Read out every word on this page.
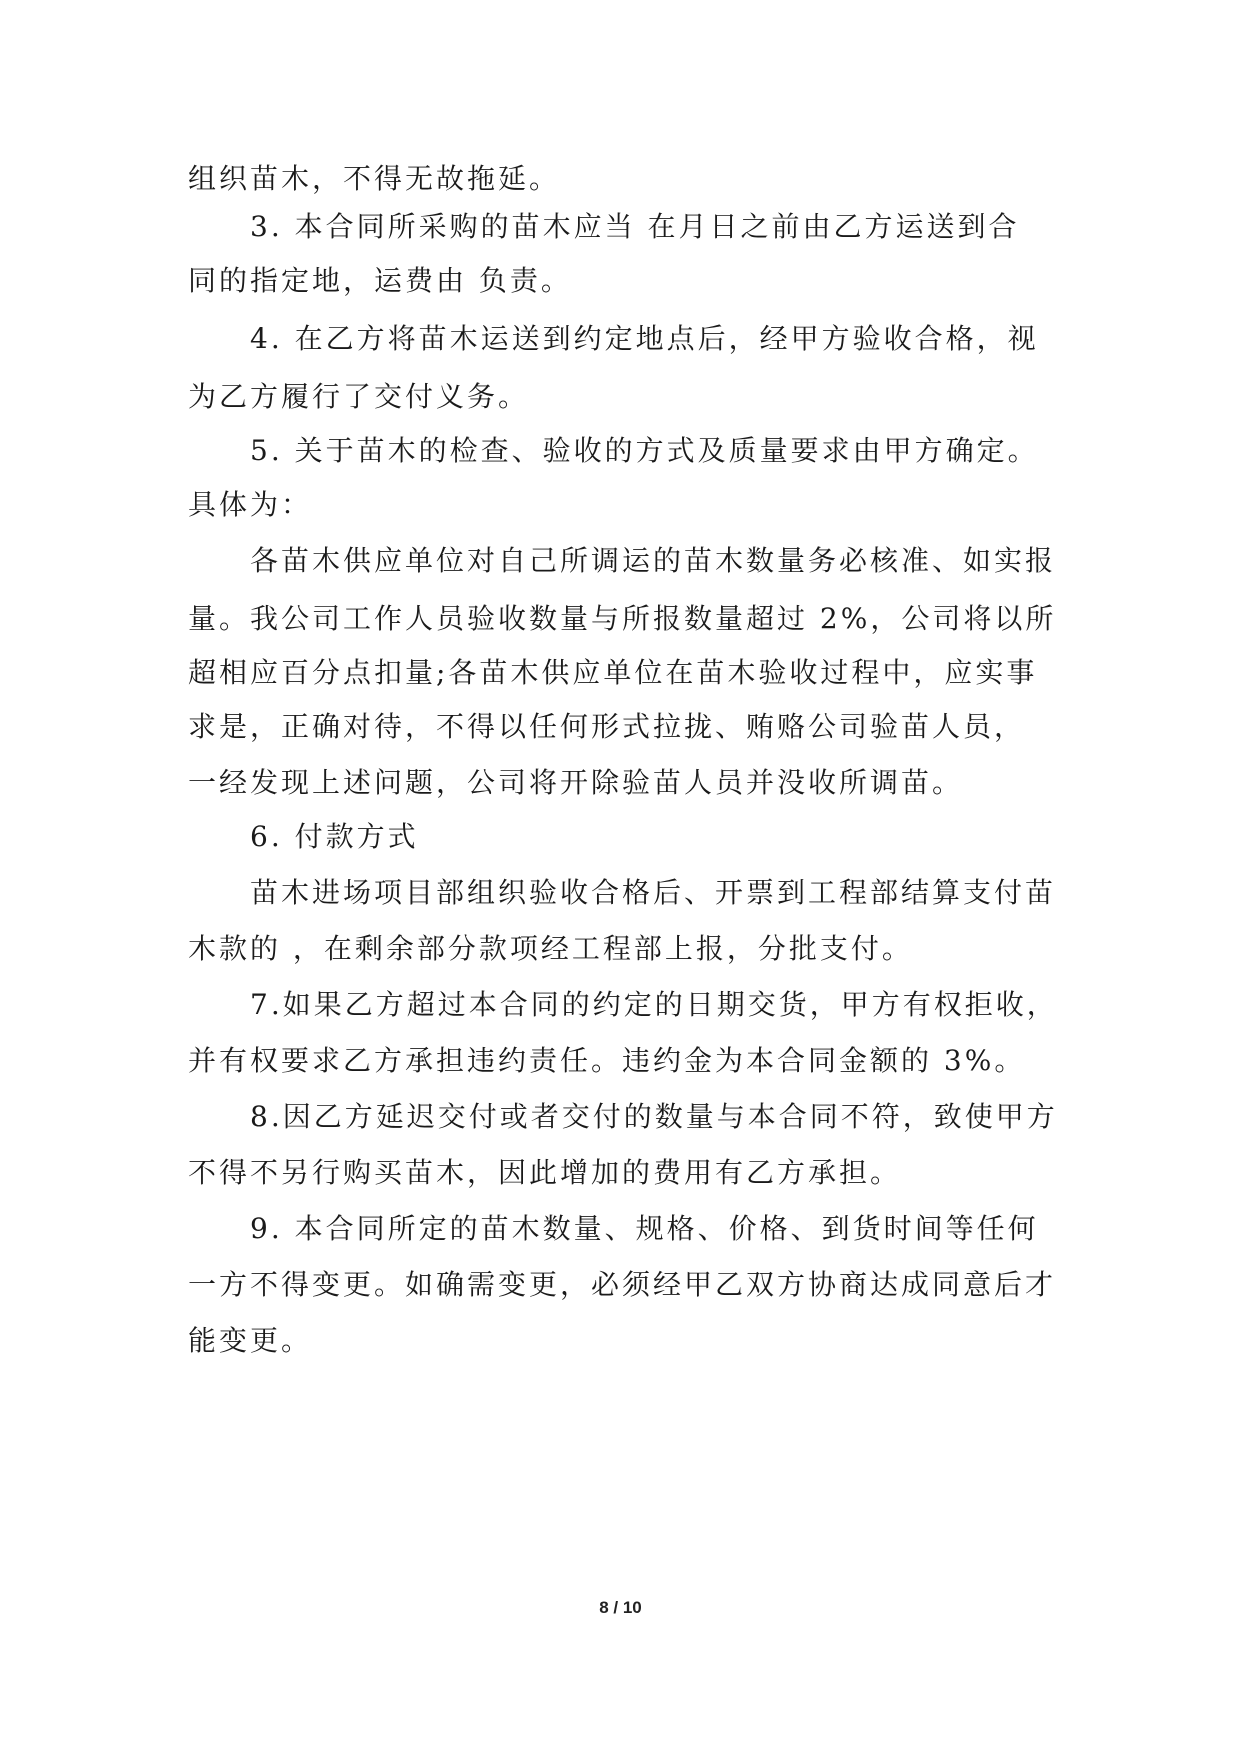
组织苗木，不得无故拖延。
3. 本合同所采购的苗木应当 在月日之前由乙方运送到合
同的指定地，运费由 负责。
4. 在乙方将苗木运送到约定地点后，经甲方验收合格，视
为乙方履行了交付义务。
5. 关于苗木的检查、验收的方式及质量要求由甲方确定。
具体为：
各苗木供应单位对自己所调运的苗木数量务必核准、如实报
量。我公司工作人员验收数量与所报数量超过 2%，公司将以所
超相应百分点扣量;各苗木供应单位在苗木验收过程中，应实事
求是，正确对待，不得以任何形式拉拢、贿赂公司验苗人员，
一经发现上述问题，公司将开除验苗人员并没收所调苗。
6. 付款方式
苗木进场项目部组织验收合格后、开票到工程部结算支付苗
木款的 ，在剩余部分款项经工程部上报，分批支付。
7.如果乙方超过本合同的约定的日期交货，甲方有权拒收，
并有权要求乙方承担违约责任。违约金为本合同金额的 3%。
8.因乙方延迟交付或者交付的数量与本合同不符，致使甲方
不得不另行购买苗木，因此增加的费用有乙方承担。
9. 本合同所定的苗木数量、规格、价格、到货时间等任何
一方不得变更。如确需变更，必须经甲乙双方协商达成同意后才
能变更。
8 / 10
